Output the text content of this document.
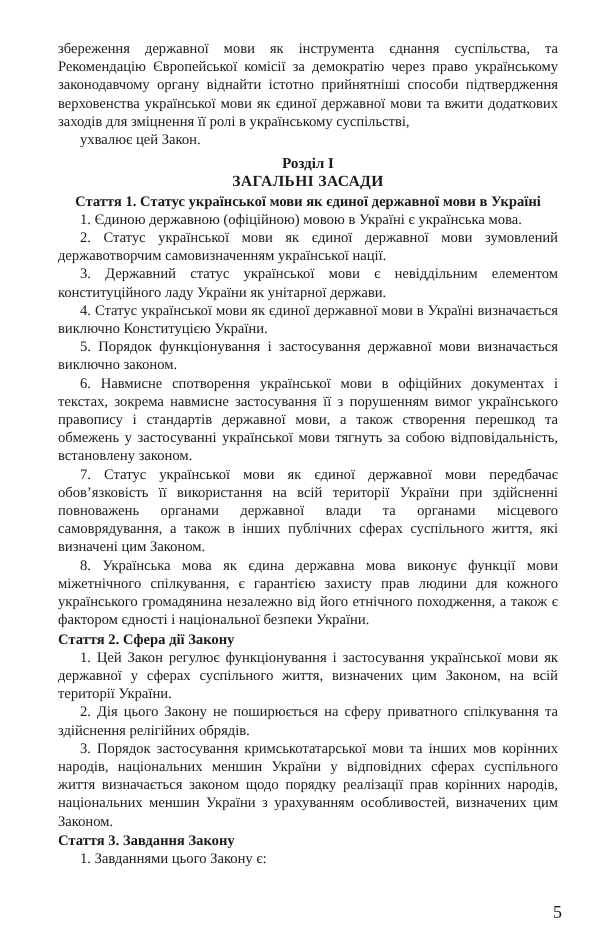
збереження державної мови як інструмента єднання суспільства, та Рекомендацію Європейської комісії за демократію через право українському законодавчому органу віднайти істотно прийнятніші способи підтвердження верховенства української мови як єдиної державної мови та вжити додаткових заходів для зміцнення її ролі в українському суспільстві,

ухвалює цей Закон.

Розділ І

ЗАГАЛЬНІ ЗАСАДИ

Стаття 1. Статус української мови як єдиної державної мови в Україні

1. Єдиною державною (офіційною) мовою в Україні є українська мова.

2. Статус української мови як єдиної державної мови зумовлений державотворчим самовизначенням української нації.

3. Державний статус української мови є невіддільним елементом конституційного ладу України як унітарної держави.

4. Статус української мови як єдиної державної мови в Україні визначається виключно Конституцією України.

5. Порядок функціонування і застосування державної мови визначається виключно законом.

6. Навмисне спотворення української мови в офіційних документах і текстах, зокрема навмисне застосування її з порушенням вимог українського правопису і стандартів державної мови, а також створення перешкод та обмежень у застосуванні української мови тягнуть за собою відповідальність, встановлену законом.

7. Статус української мови як єдиної державної мови передбачає обов’язковість її використання на всій території України при здійсненні повноважень органами державної влади та органами місцевого самоврядування, а також в інших публічних сферах суспільного життя, які визначені цим Законом.

8. Українська мова як єдина державна мова виконує функції мови міжетнічного спілкування, є гарантією захисту прав людини для кожного українського громадянина незалежно від його етнічного походження, а також є фактором єдності і національної безпеки України.

Стаття 2. Сфера дії Закону

1. Цей Закон регулює функціонування і застосування української мови як державної у сферах суспільного життя, визначених цим Законом, на всій території України.

2. Дія цього Закону не поширюється на сферу приватного спілкування та здійснення релігійних обрядів.

3. Порядок застосування кримськотатарської мови та інших мов корінних народів, національних меншин України у відповідних сферах суспільного життя визначається законом щодо порядку реалізації прав корінних народів, національних меншин України з урахуванням особливостей, визначених цим Законом.

Стаття 3. Завдання Закону

1. Завданнями цього Закону є:

5
